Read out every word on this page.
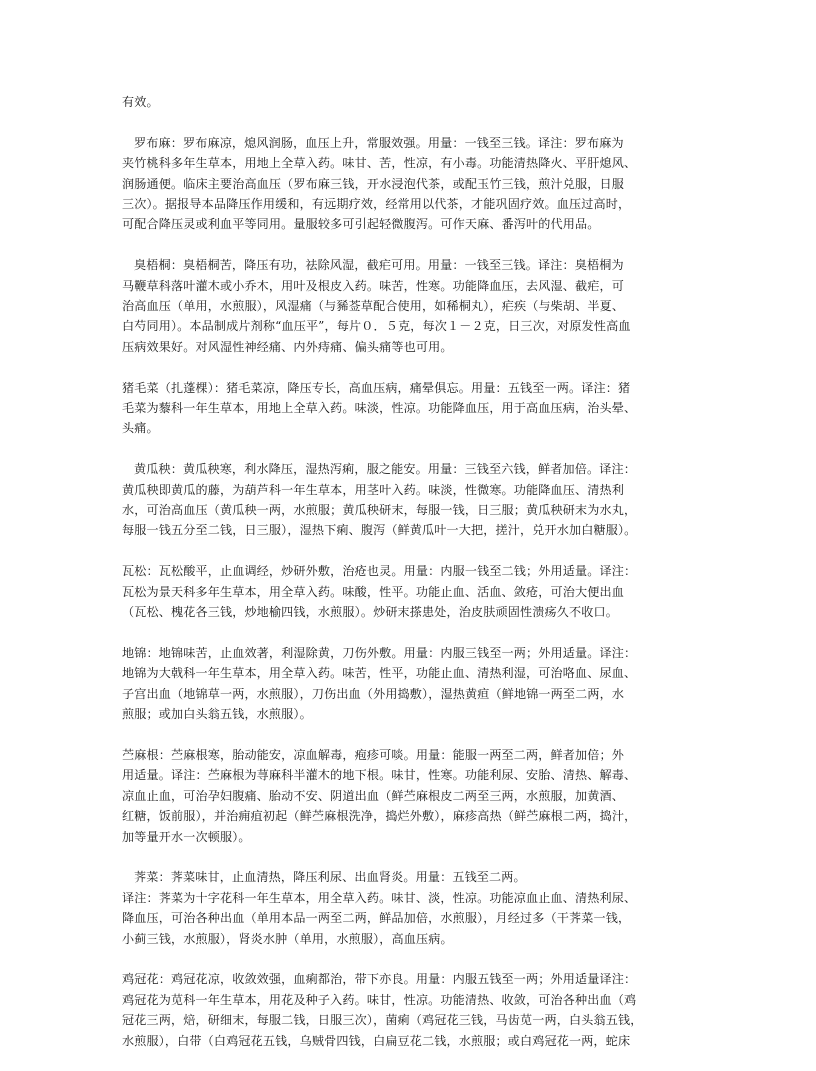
有效。
罗布麻：罗布麻凉，熄风润肠，血压上升，常服效强。用量：一钱至三钱。译注：罗布麻为
夹竹桃科多年生草本，用地上全草入药。味甘、苦，性凉，有小毒。功能清热降火、平肝熄风、
润肠通便。临床主要治高血压（罗布麻三钱，开水浸泡代茶，或配玉竹三钱，煎汁兑服，日服
三次）。据报导本品降压作用缓和，有远期疗效，经常用以代茶，才能巩固疗效。血压过高时，
可配合降压灵或利血平等同用。量服较多可引起轻微腹泻。可作天麻、番泻叶的代用品。
臭梧桐：臭梧桐苦，降压有功，祛除风湿，截疟可用。用量：一钱至三钱。译注：臭梧桐为
马鞭草科落叶灌木或小乔木，用叶及根皮入药。味苦，性寒。功能降血压，去风湿、截疟，可
治高血压（单用，水煎服），风湿痛（与豨莶草配合使用，如稀桐丸），疟疾（与柴胡、半夏、
白芍同用）。本品制成片剂称“血压平”，每片０．５克，每次１－２克，日三次，对原发性高血
压病效果好。对风湿性神经痛、内外痔痛、偏头痛等也可用。
猪毛菜（扎蓬棵）：猪毛菜凉，降压专长，高血压病，痛晕俱忘。用量：五钱至一两。译注：猪
毛菜为藜科一年生草本，用地上全草入药。味淡，性凉。功能降血压，用于高血压病，治头晕、
头痛。
黄瓜秧：黄瓜秧寒，利水降压，湿热泻痢，服之能安。用量：三钱至六钱，鲜者加倍。译注：
黄瓜秧即黄瓜的藤，为葫芦科一年生草本，用茎叶入药。味淡，性微寒。功能降血压、清热利
水，可治高血压（黄瓜秧一两，水煎服；黄瓜秧研末，每服一钱，日三服；黄瓜秧研末为水丸，
每服一钱五分至二钱，日三服），湿热下痢、腹泻（鲜黄瓜叶一大把，搓汁，兑开水加白糖服）。
瓦松：瓦松酸平，止血调经，炒研外敷，治疮也灵。用量：内服一钱至二钱；外用适量。译注：
瓦松为景天科多年生草本，用全草入药。味酸，性平。功能止血、活血、敛疮，可治大便出血
（瓦松、槐花各三钱，炒地榆四钱，水煎服）。炒研末搽患处，治皮肤顽固性溃疡久不收口。
地锦：地锦味苦，止血效著，利湿除黄，刀伤外敷。用量：内服三钱至一两；外用适量。译注：
地锦为大戟科一年生草本，用全草入药。味苦，性平，功能止血、清热利湿，可治咯血、尿血、
子宫出血（地锦草一两，水煎服），刀伤出血（外用捣敷），湿热黄疸（鲜地锦一两至二两，水
煎服；或加白头翁五钱，水煎服）。
苎麻根：苎麻根寒，胎动能安，凉血解毒，疱疹可啖。用量：能服一两至二两，鲜者加倍；外
用适量。译注：苎麻根为荨麻科半灌木的地下根。味甘，性寒。功能利尿、安胎、清热、解毒、
凉血止血，可治孕妇腹痛、胎动不安、阴道出血（鲜苎麻根皮二两至三两，水煎服，加黄酒、
红糖，饭前服），并治痈疽初起（鲜苎麻根洗净，捣烂外敷），麻疹高热（鲜苎麻根二两，捣汁，
加等量开水一次顿服）。
荠菜：荠菜味甘，止血清热，降压利尿、出血肾炎。用量：五钱至二两。
译注：荠菜为十字花科一年生草本，用全草入药。味甘、淡，性凉。功能凉血止血、清热利尿、
降血压，可治各种出血（单用本品一两至二两，鲜品加倍，水煎服），月经过多（干荠菜一钱，
小蓟三钱，水煎服），肾炎水肿（单用，水煎服），高血压病。
鸡冠花：鸡冠花凉，收敛效强，血痢都治，带下亦良。用量：内服五钱至一两；外用适量译注：
鸡冠花为苋科一年生草本，用花及种子入药。味甘，性凉。功能清热、收敛，可治各种出血（鸡
冠花三两，焙，研细末，每服二钱，日服三次），菌痢（鸡冠花三钱，马齿苋一两，白头翁五钱，
水煎服），白带（白鸡冠花五钱，乌贼骨四钱，白扁豆花二钱，水煎服；或白鸡冠花一两，蛇床
